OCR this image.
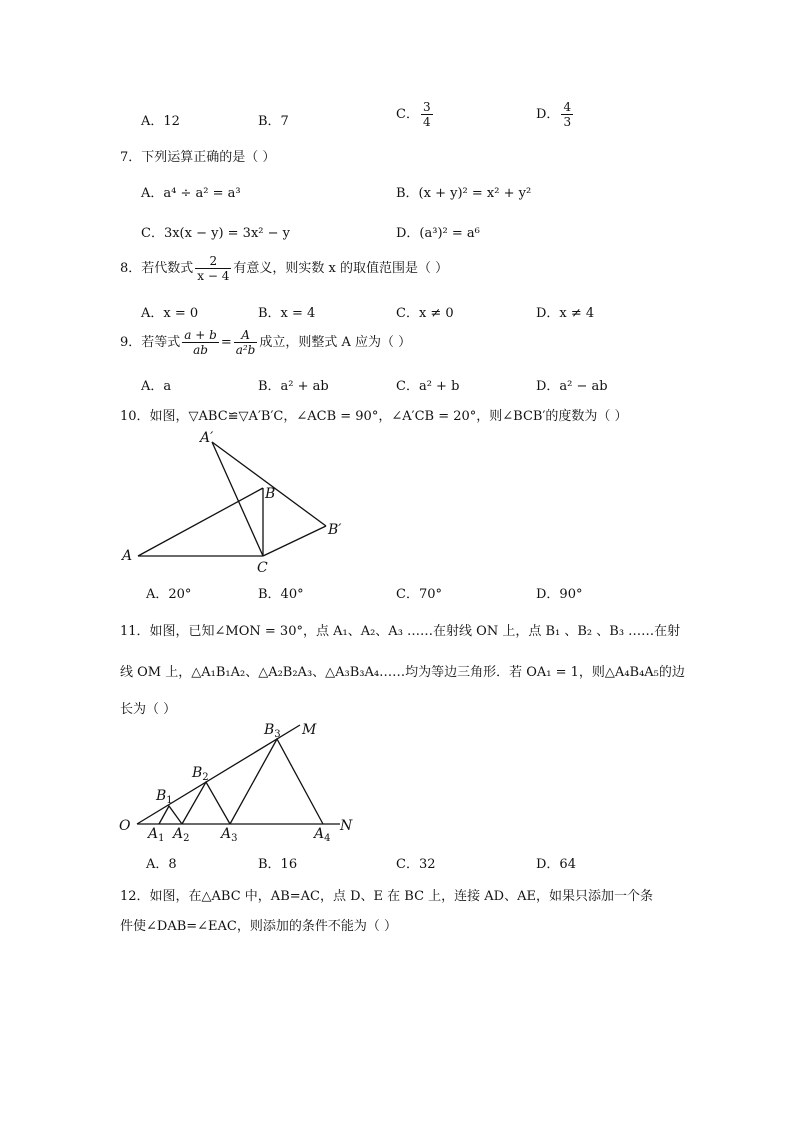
A．12	B．7	C． $\frac{3}{4}$	D． $\frac{4}{3}$
7．下列运算正确的是（ ）
A．a⁴ ÷ a² = a³	B．(x + y)² = x² + y²
C．3x(x − y) = 3x² − y	D．(a³)² = a⁶
8．若代数式 $\frac{2}{x - 4}$ 有意义，则实数 x 的取值范围是（ ）
A．x = 0	B．x = 4	C．x ≠ 0	D．x ≠ 4
9．若等式 $\frac{a + b}{ab} = \frac{A}{\text{a²b}}$ 成立，则整式 A 应为（ ）
A．a	B．a² + ab	C．a² + b	D．a² − ab
10．如图，▽ABC≌▽A′B′C，∠ACB = 90°，∠A′CB = 20°，则∠BCB′的度数为（ ）
A
B
C
A′
B′
A．20°	B．40°	C．70°	D．90°
11．如图，已知∠MON = 30°，点 A₁、A₂、A₃ ……在射线 ON 上，点 B₁ 、B₂ 、B₃ ……在射
线 OM 上，△A₁B₁A₂、△A₂B₂A₃、△A₃B₃A₄……均为等边三角形．若 OA₁ = 1，则△A₄B₄A₅的边
长为（ ）
O
M
N
$A_1$ $A_2$ $A_3$	$A_4$
$B_1$
$B_2$
$B_3$
A．8	B．16	C．32	D．64
12．如图，在△ABC 中，AB=AC，点 D、E 在 BC 上，连接 AD、AE，如果只添加一个条
件使∠DAB=∠EAC，则添加的条件不能为（ ）
